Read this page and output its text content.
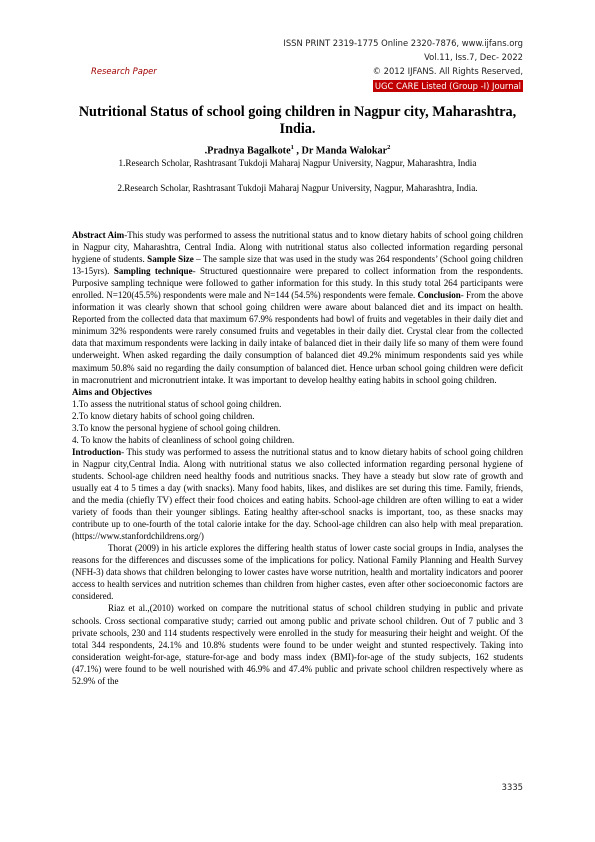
ISSN PRINT 2319-1775 Online 2320-7876, www.ijfans.org
Vol.11, Iss.7, Dec- 2022
Research Paper	© 2012 IJFANS. All Rights Reserved,
UGC CARE Listed (Group -I) Journal
Nutritional Status of school going children in Nagpur city, Maharashtra, India.
.Pradnya Bagalkote$^1$ , Dr Manda Walokar$^2$
1.Research Scholar, Rashtrasant Tukdoji Maharaj Nagpur University, Nagpur, Maharashtra, India
2.Research Scholar, Rashtrasant Tukdoji Maharaj Nagpur University, Nagpur, Maharashtra, India.

Abstract Aim-This study was performed to assess the nutritional status and to know dietary habits of school going children in Nagpur city, Maharashtra, Central India. Along with nutritional status also collected information regarding personal hygiene of students. Sample Size – The sample size that was used in the study was 264 respondents’ (School going children 13-15yrs). Sampling technique- Structured questionnaire were prepared to collect information from the respondents. Purposive sampling technique were followed to gather information for this study. In this study total 264 participants were enrolled. N=120(45.5%) respondents were male and N=144 (54.5%) respondents were female. Conclusion- From the above information it was clearly shown that school going children were aware about balanced diet and its impact on health. Reported from the collected data that maximum 67.9% respondents had bowl of fruits and vegetables in their daily diet and minimum 32% respondents were rarely consumed fruits and vegetables in their daily diet. Crystal clear from the collected data that maximum respondents were lacking in daily intake of balanced diet in their daily life so many of them were found underweight. When asked regarding the daily consumption of balanced diet 49.2% minimum respondents said yes while maximum 50.8% said no regarding the daily consumption of balanced diet. Hence urban school going children were deficit in macronutrient and micronutrient intake. It was important to develop healthy eating habits in school going children.

Aims and Objectives

1.To assess the nutritional status of school going children.

2.To know dietary habits of school going children.

3.To know the personal hygiene of school going children.

4. To know the habits of cleanliness of school going children.

Introduction- This study was performed to assess the nutritional status and to know dietary habits of school going children in Nagpur city,Central India. Along with nutritional status we also collected information regarding personal hygiene of students. School-age children need healthy foods and nutritious snacks. They have a steady but slow rate of growth and usually eat 4 to 5 times a day (with snacks). Many food habits, likes, and dislikes are set during this time. Family, friends, and the media (chiefly TV) effect their food choices and eating habits. School-age children are often willing to eat a wider variety of foods than their younger siblings. Eating healthy after-school snacks is important, too, as these snacks may contribute up to one-fourth of the total calorie intake for the day. School-age children can also help with meal preparation. (https://www.stanfordchildrens.org/)

Thorat (2009) in his article explores the differing health status of lower caste social groups in India, analyses the reasons for the differences and discusses some of the implications for policy. National Family Planning and Health Survey (NFH-3) data shows that children belonging to lower castes have worse nutrition, health and mortality indicators and poorer access to health services and nutrition schemes than children from higher castes, even after other socioeconomic factors are considered.

Riaz et al.,(2010) worked on compare the nutritional status of school children studying in public and private schools. Cross sectional comparative study; carried out among public and private school children. Out of 7 public and 3 private schools, 230 and 114 students respectively were enrolled in the study for measuring their height and weight. Of the total 344 respondents, 24.1% and 10.8% students were found to be under weight and stunted respectively. Taking into consideration weight-for-age, stature-for-age and body mass index (BMI)-for-age of the study subjects, 162 students (47.1%) were found to be well nourished with 46.9% and 47.4% public and private school children respectively where as 52.9% of the

3335
